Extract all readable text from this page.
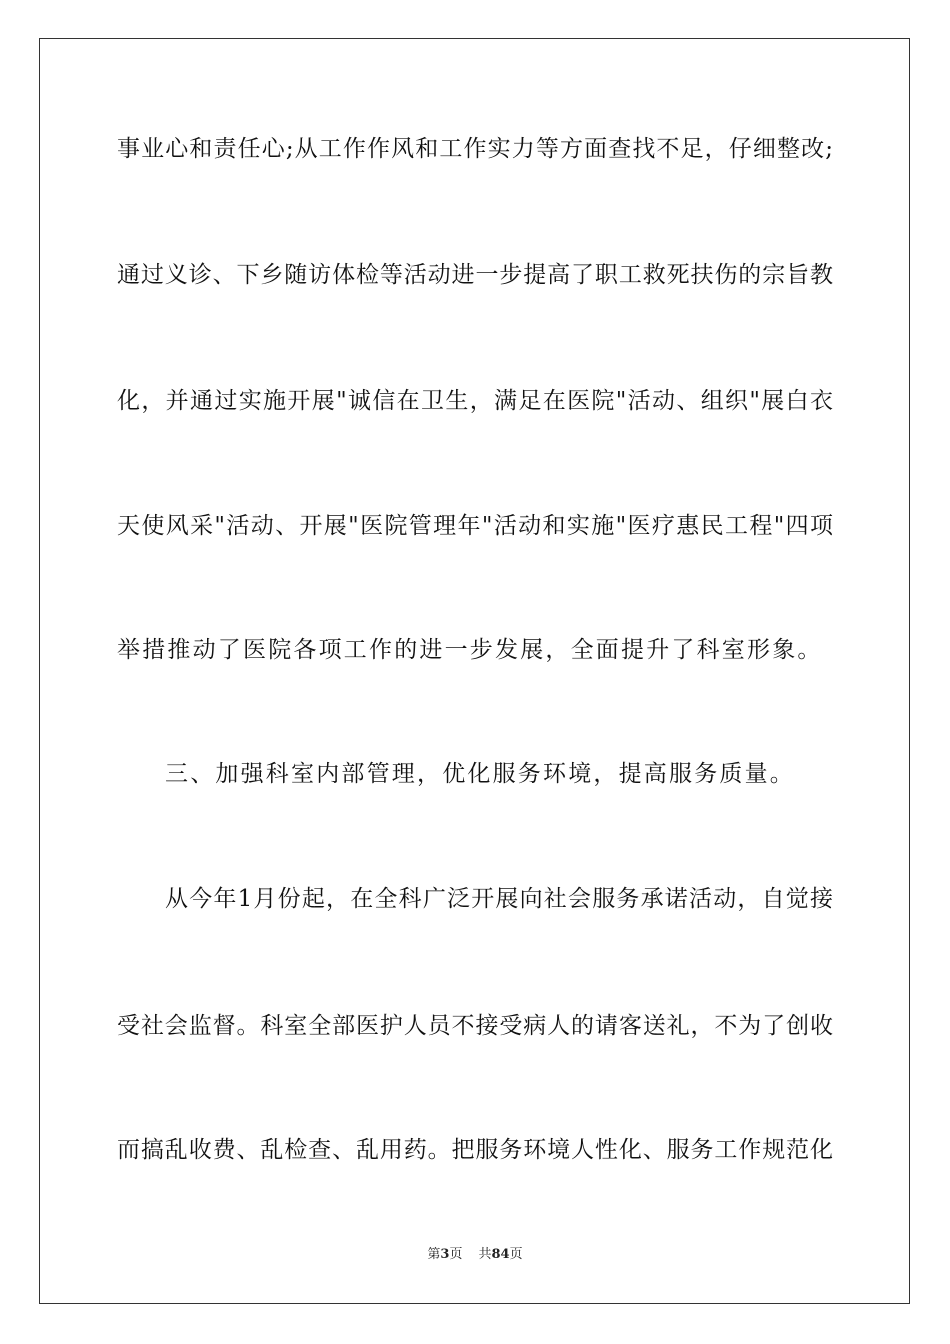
事业心和责任心;从工作作风和工作实力等方面查找不足，仔细整改;
通过义诊、下乡随访体检等活动进一步提高了职工救死扶伤的宗旨教
化，并通过实施开展"诚信在卫生，满足在医院"活动、组织"展白衣
天使风采"活动、开展"医院管理年"活动和实施"医疗惠民工程"四项
举措推动了医院各项工作的进一步发展，全面提升了科室形象。
三、加强科室内部管理，优化服务环境，提高服务质量。
从今年1月份起，在全科广泛开展向社会服务承诺活动，自觉接
受社会监督。科室全部医护人员不接受病人的请客送礼，不为了创收
而搞乱收费、乱检查、乱用药。把服务环境人性化、服务工作规范化
第3页 共84页
